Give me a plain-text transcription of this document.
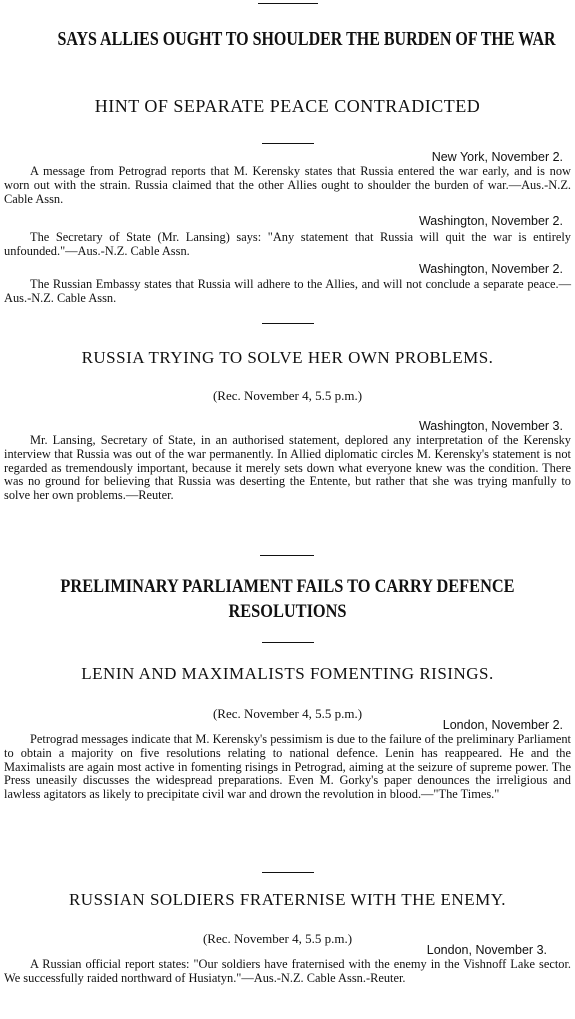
SAYS ALLIES OUGHT TO SHOULDER THE BURDEN OF THE WAR
HINT OF SEPARATE PEACE CONTRADICTED
New York, November 2.

A message from Petrograd reports that M. Kerensky states that Russia entered the war early, and is now worn out with the strain. Russia claimed that the other Allies ought to shoulder the burden of war.—Aus.-N.Z. Cable Assn.

Washington, November 2.

The Secretary of State (Mr. Lansing) says: "Any statement that Russia will quit the war is entirely unfounded."—Aus.-N.Z. Cable Assn.

Washington, November 2.

The Russian Embassy states that Russia will adhere to the Allies, and will not conclude a separate peace.—Aus.-N.Z. Cable Assn.

RUSSIA TRYING TO SOLVE HER OWN PROBLEMS.
(Rec. November 4, 5.5 p.m.)
Washington, November 3.

Mr. Lansing, Secretary of State, in an authorised statement, deplored any interpretation of the Kerensky interview that Russia was out of the war permanently. In Allied diplomatic circles M. Kerensky's statement is not regarded as tremendously important, because it merely sets down what everyone knew was the condition. There was no ground for believing that Russia was deserting the Entente, but rather that she was trying manfully to solve her own problems.—Reuter.

PRELIMINARY PARLIAMENT FAILS TO CARRY DEFENCE
RESOLUTIONS
LENIN AND MAXIMALISTS FOMENTING RISINGS.
(Rec. November 4, 5.5 p.m.)
London, November 2.

Petrograd messages indicate that M. Kerensky's pessimism is due to the failure of the preliminary Parliament to obtain a majority on five resolutions relating to national defence. Lenin has reappeared. He and the Maximalists are again most active in fomenting risings in Petrograd, aiming at the seizure of supreme power. The Press uneasily discusses the widespread preparations. Even M. Gorky's paper denounces the irreligious and lawless agitators as likely to precipitate civil war and drown the revolution in blood.—"The Times."

RUSSIAN SOLDIERS FRATERNISE WITH THE ENEMY.
(Rec. November 4, 5.5 p.m.)
London, November 3.

A Russian official report states: "Our soldiers have fraternised with the enemy in the Vishnoff Lake sector. We successfully raided northward of Husiatyn."—Aus.-N.Z. Cable Assn.-Reuter.
